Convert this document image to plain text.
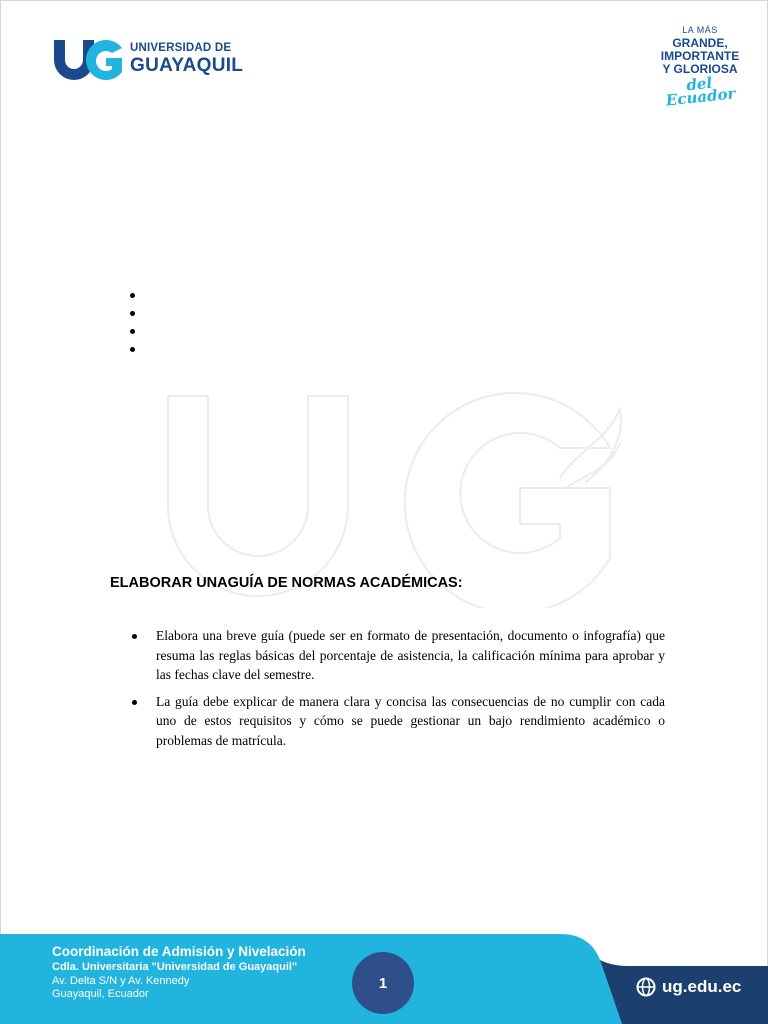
UNIVERSIDAD DE
GUAYAQUIL
LA MÁS
GRANDE,
IMPORTANTE
Y GLORIOSA
del Ecuador
ELABORAR UNAGUÍA DE NORMAS ACADÉMICAS:
Elabora una breve guía (puede ser en formato de presentación, documento o infografía) que resuma las reglas básicas del porcentaje de asistencia, la calificación mínima para aprobar y las fechas clave del semestre.
La guía debe explicar de manera clara y concisa las consecuencias de no cumplir con cada uno de estos requisitos y cómo se puede gestionar un bajo rendimiento académico o problemas de matrícula.
Coordinación de Admisión y Nivelación
Cdla. Universitaria "Universidad de Guayaquil"
Av. Delta S/N y Av. Kennedy
Guayaquil, Ecuador
1	ug.edu.ec
